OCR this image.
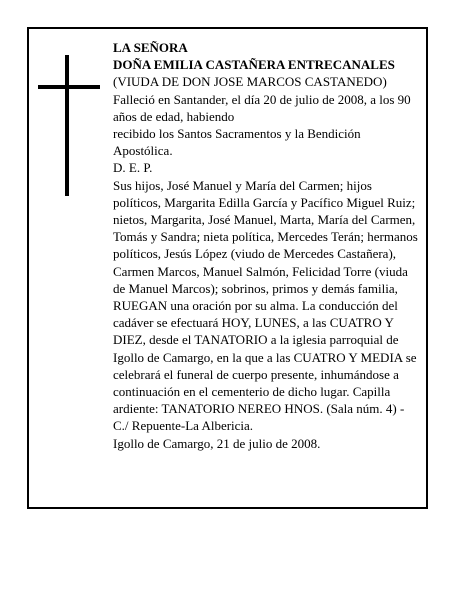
LA SEÑORA

DOÑA EMILIA CASTAÑERA ENTRECANALES

(VIUDA DE DON JOSE MARCOS CASTANEDO)

Falleció en Santander, el día 20 de julio de 2008, a los 90 años de edad, habiendo

recibido los Santos Sacramentos y la Bendición Apostólica.

D. E. P.

Sus hijos, José Manuel y María del Carmen; hijos políticos, Margarita Edilla García y Pacífico Miguel Ruiz; nietos, Margarita, José Manuel, Marta, María del Carmen, Tomás y Sandra; nieta política, Mercedes Terán; hermanos políticos, Jesús López (viudo de Mercedes Castañera), Carmen Marcos, Manuel Salmón, Felicidad Torre (viuda de Manuel Marcos); sobrinos, primos y demás familia,

RUEGAN una oración por su alma. La conducción del cadáver se efectuará HOY, LUNES, a las CUATRO Y DIEZ, desde el TANATORIO a la iglesia parroquial de Igollo de Camargo, en la que a las CUATRO Y MEDIA se celebrará el funeral de cuerpo presente, inhumándose a continuación en el cementerio de dicho lugar. Capilla ardiente: TANATORIO NEREO HNOS. (Sala núm. 4) - C./ Repuente-La Albericia.

Igollo de Camargo, 21 de julio de 2008.
